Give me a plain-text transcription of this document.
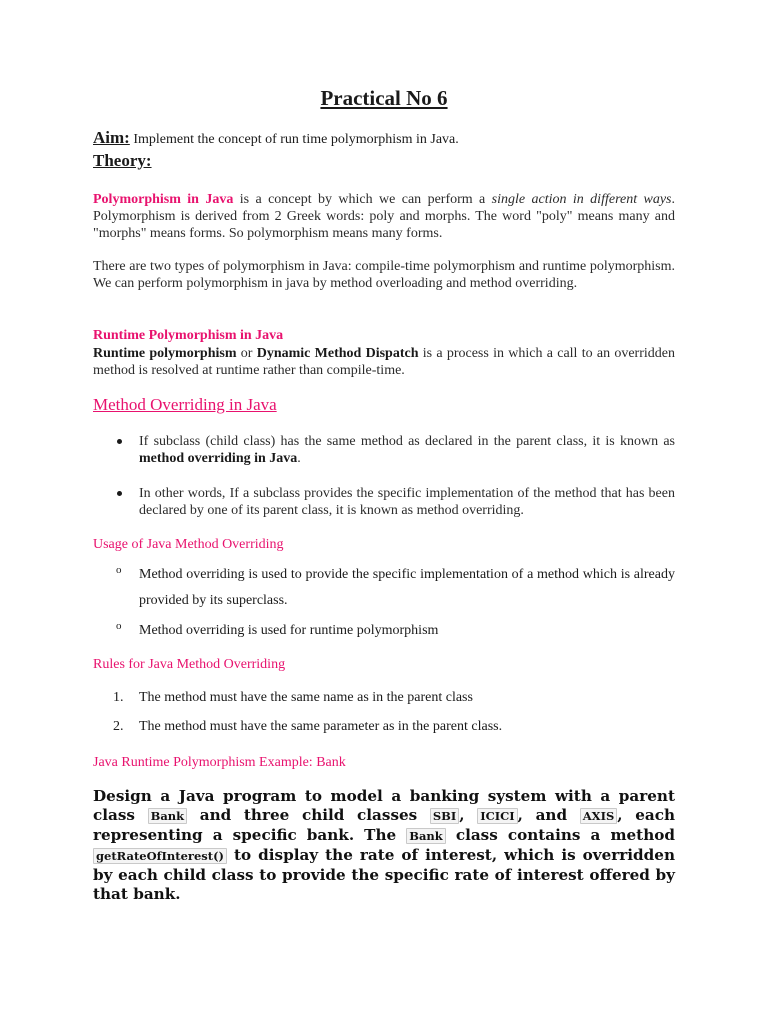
Practical No 6
Aim: Implement the concept of run time polymorphism in Java.
Theory:
Polymorphism in Java is a concept by which we can perform a single action in different ways. Polymorphism is derived from 2 Greek words: poly and morphs. The word "poly" means many and "morphs" means forms. So polymorphism means many forms.
There are two types of polymorphism in Java: compile-time polymorphism and runtime polymorphism. We can perform polymorphism in java by method overloading and method overriding.
Runtime Polymorphism in Java
Runtime polymorphism or Dynamic Method Dispatch is a process in which a call to an overridden method is resolved at runtime rather than compile-time.
Method Overriding in Java
If subclass (child class) has the same method as declared in the parent class, it is known as method overriding in Java.
In other words, If a subclass provides the specific implementation of the method that has been declared by one of its parent class, it is known as method overriding.
Usage of Java Method Overriding
o Method overriding is used to provide the specific implementation of a method which is already provided by its superclass.
o Method overriding is used for runtime polymorphism
Rules for Java Method Overriding
1. The method must have the same name as in the parent class
2. The method must have the same parameter as in the parent class.
Java Runtime Polymorphism Example: Bank
Design a Java program to model a banking system with a parent class Bank and three child classes SBI , ICICI , and AXIS , each representing a specific bank. The Bank class contains a method getRateOfInterest() to display the rate of interest, which is overridden by each child class to provide the specific rate of interest offered by that bank.
